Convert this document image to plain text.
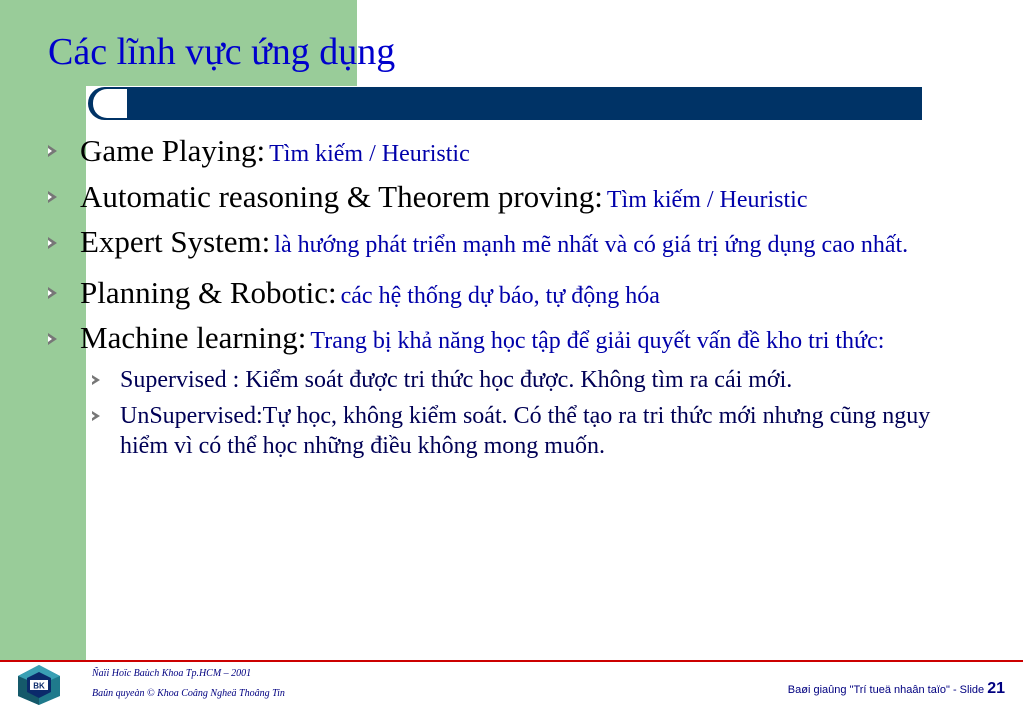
Các lĩnh vực ứng dụng
Game Playing: Tìm kiếm / Heuristic
Automatic reasoning & Theorem proving: Tìm kiếm / Heuristic
Expert System: là hướng phát triển mạnh mẽ nhất và có giá trị ứng dụng cao nhất.
Planning & Robotic: các hệ thống dự báo, tự động hóa
Machine learning: Trang bị khả năng học tập để giải quyết vấn đề kho tri thức:
Supervised : Kiểm soát được tri thức học được. Không tìm ra cái mới.
UnSupervised:Tự học, không kiểm soát. Có thể tạo ra tri thức mới nhưng cũng nguy hiểm vì có thể học những điều không mong muốn.
BK
Ñaïi Hoïc Baùch Khoa Tp.HCM – 2001
Baûn quyeàn © Khoa Coâng Ngheä Thoâng Tin	Baøi giaûng "Trí tueä nhaân taïo" - Slide 21
